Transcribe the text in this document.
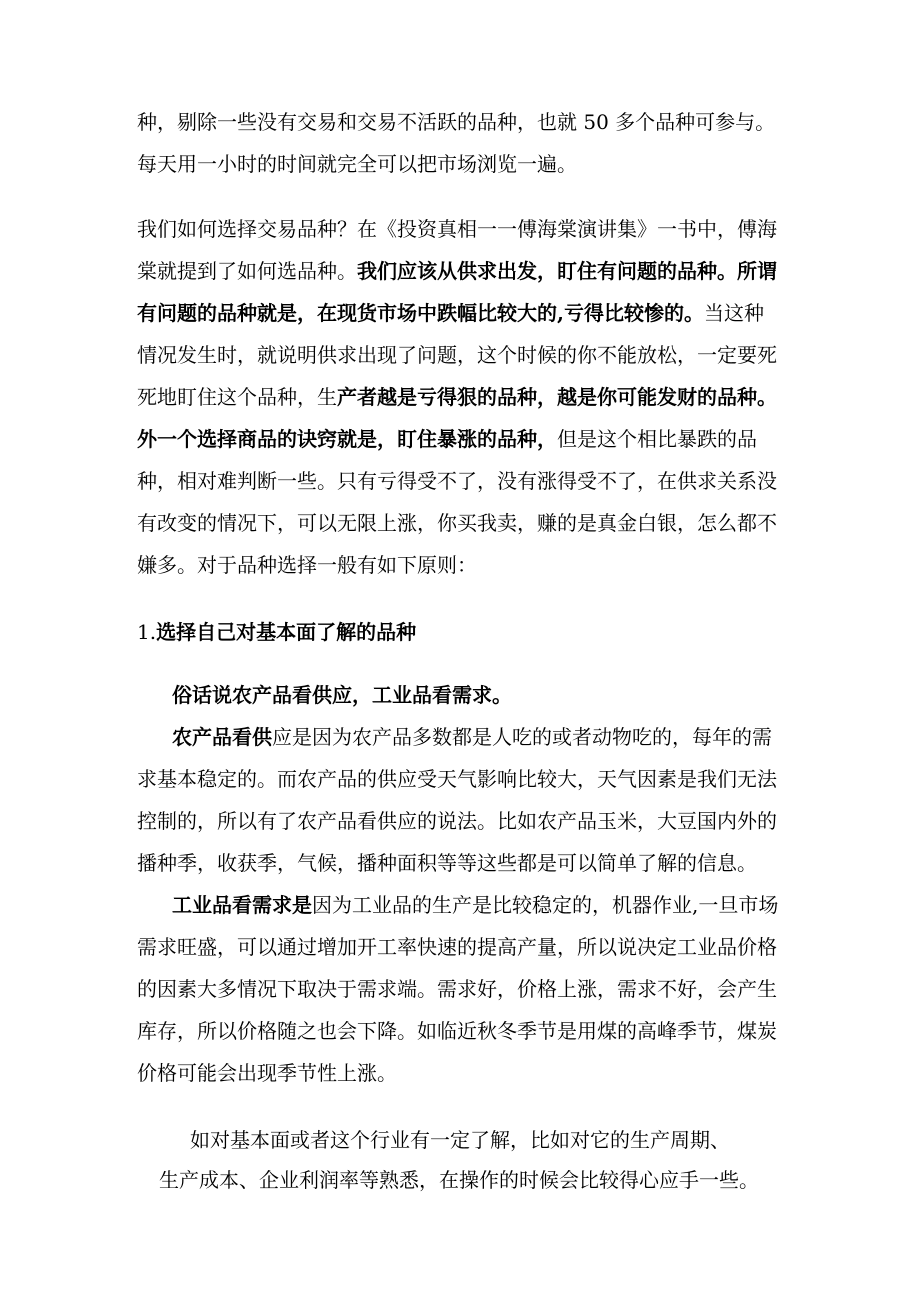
种，剔除一些没有交易和交易不活跃的品种，也就 50 多个品种可参与。
每天用一小时的时间就完全可以把市场浏览一遍。
我们如何选择交易品种？在《投资真相一一傅海棠演讲集》一书中，傅海
棠就提到了如何选品种。我们应该从供求出发，盯住有问题的品种。所谓
有问题的品种就是，在现货市场中跌幅比较大的,亏得比较惨的。当这种
情况发生时，就说明供求出现了问题，这个时候的你不能放松，一定要死
死地盯住这个品种，生产者越是亏得狠的品种，越是你可能发财的品种。
外一个选择商品的诀窍就是，盯住暴涨的品种，但是这个相比暴跌的品
种，相对难判断一些。只有亏得受不了，没有涨得受不了，在供求关系没
有改变的情况下，可以无限上涨，你买我卖，赚的是真金白银，怎么都不
嫌多。对于品种选择一般有如下原则：
1.选择自己对基本面了解的品种
俗话说农产品看供应，工业品看需求。
农产品看供应是因为农产品多数都是人吃的或者动物吃的，每年的需
求基本稳定的。而农产品的供应受天气影响比较大，天气因素是我们无法
控制的，所以有了农产品看供应的说法。比如农产品玉米，大豆国内外的
播种季，收获季，气候，播种面积等等这些都是可以简单了解的信息。
工业品看需求是因为工业品的生产是比较稳定的，机器作业,一旦市场
需求旺盛，可以通过增加开工率快速的提高产量，所以说决定工业品价格
的因素大多情况下取决于需求端。需求好，价格上涨，需求不好，会产生
库存，所以价格随之也会下降。如临近秋冬季节是用煤的高峰季节，煤炭
价格可能会出现季节性上涨。
如对基本面或者这个行业有一定了解，比如对它的生产周期、
生产成本、企业利润率等熟悉，在操作的时候会比较得心应手一些。
